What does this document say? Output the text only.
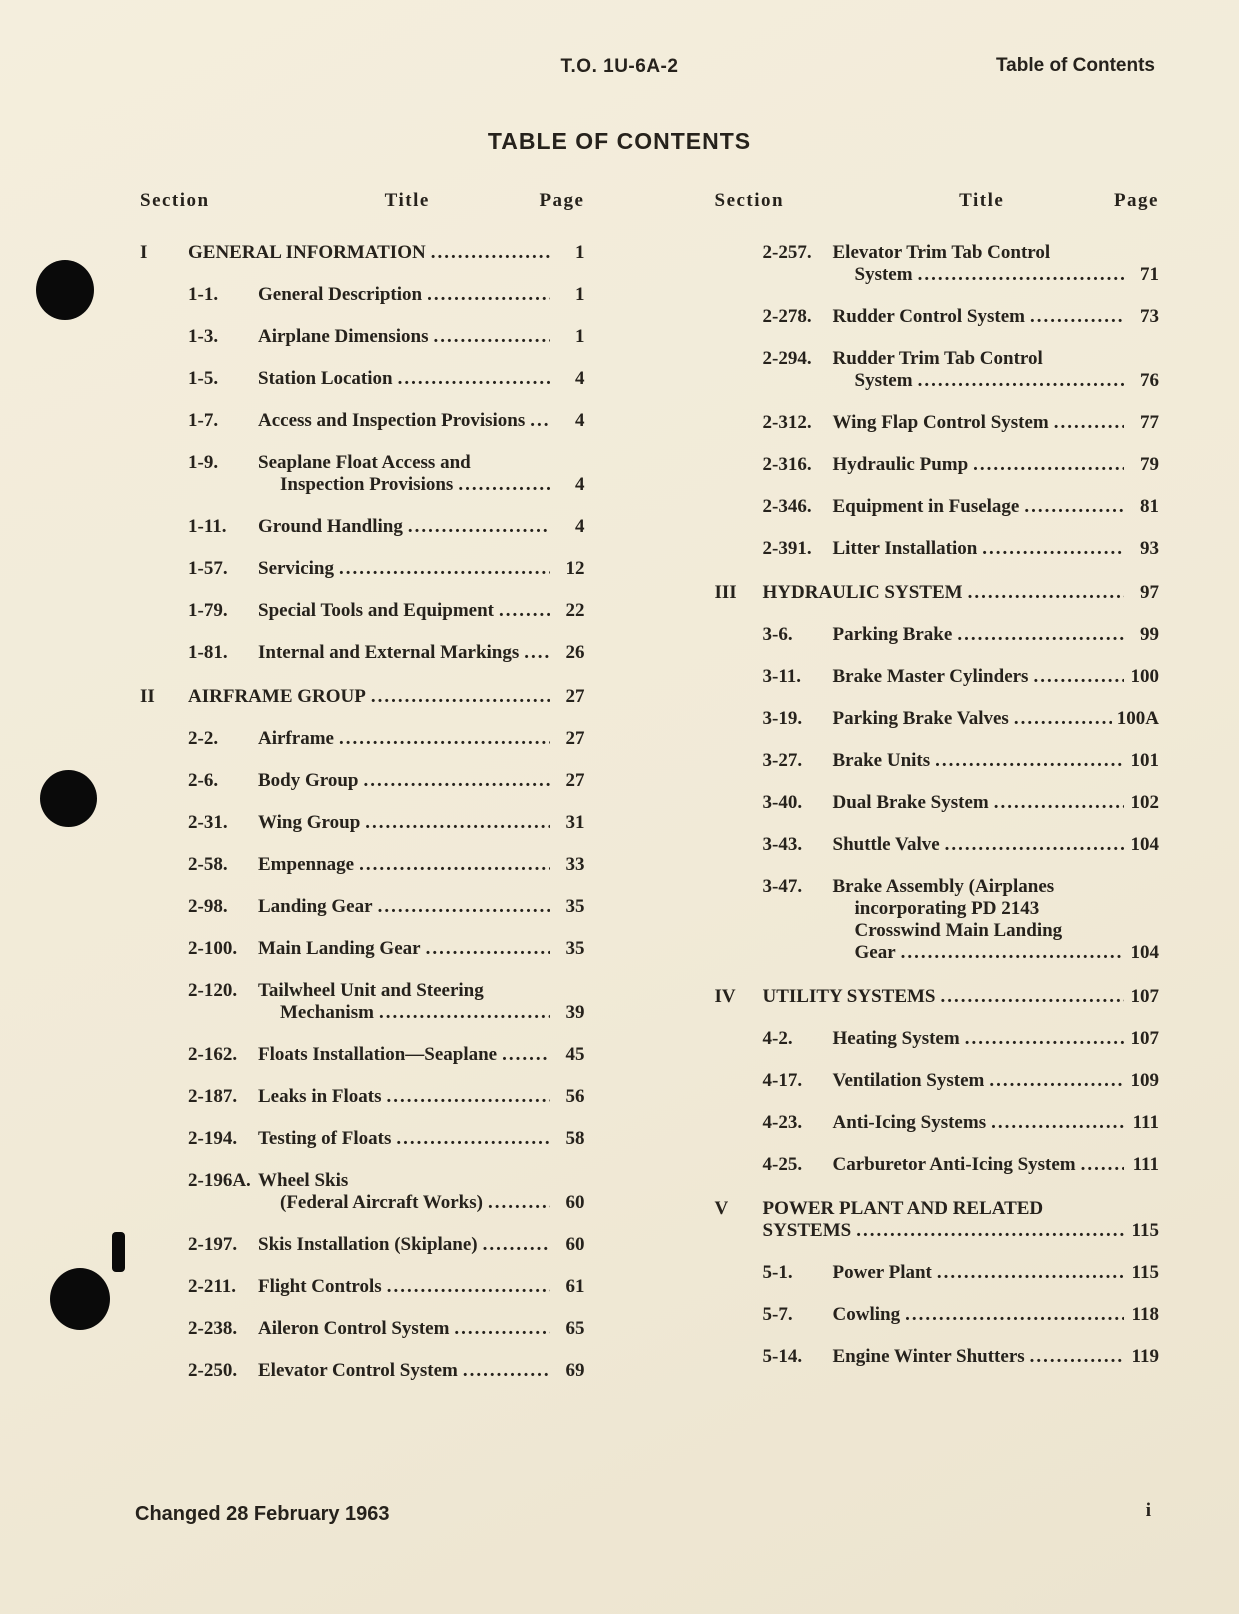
T.O. 1U-6A-2	Table of Contents
TABLE OF CONTENTS
Section	Title	Page
I	GENERAL INFORMATION .....	1
1-1.	General Description .....	1
1-3.	Airplane Dimensions .....	1
1-5.	Station Location .....	4
1-7.	Access and Inspection Provisions .....	4
1-9.	Seaplane Float Access and
Inspection Provisions .....	4
1-11.	Ground Handling .....	4
1-57.	Servicing .....	12
1-79.	Special Tools and Equipment .....	22
1-81.	Internal and External Markings .....	26
II	AIRFRAME GROUP .....	27
2-2.	Airframe .....	27
2-6.	Body Group .....	27
2-31.	Wing Group .....	31
2-58.	Empennage .....	33
2-98.	Landing Gear .....	35
2-100.	Main Landing Gear .....	35
2-120.	Tailwheel Unit and Steering
Mechanism .....	39
2-162.	Floats Installation—Seaplane .....	45
2-187.	Leaks in Floats .....	56
2-194.	Testing of Floats .....	58
2-196A. Wheel Skis
(Federal Aircraft Works) .....	60
2-197.	Skis Installation (Skiplane) .....	60
2-211.	Flight Controls .....	61
2-238.	Aileron Control System .....	65
2-250.	Elevator Control System .....	69
Section	Title	Page
2-257.	Elevator Trim Tab Control
System .....	71
2-278.	Rudder Control System .....	73
2-294.	Rudder Trim Tab Control
System .....	76
2-312.	Wing Flap Control System .....	77
2-316.	Hydraulic Pump .....	79
2-346.	Equipment in Fuselage .....	81
2-391.	Litter Installation .....	93
III	HYDRAULIC SYSTEM .....	97
3-6.	Parking Brake .....	99
3-11.	Brake Master Cylinders .....	100
3-19.	Parking Brake Valves .....	100A
3-27.	Brake Units .....	101
3-40.	Dual Brake System .....	102
3-43.	Shuttle Valve .....	104
3-47.	Brake Assembly (Airplanes
incorporating PD 2143
Crosswind Main Landing
Gear .....	104
IV	UTILITY SYSTEMS .....	107
4-2.	Heating System .....	107
4-17.	Ventilation System .....	109
4-23.	Anti-Icing Systems .....	111
4-25.	Carburetor Anti-Icing System .....	111
V	POWER PLANT AND RELATED
SYSTEMS .....	115
5-1.	Power Plant .....	115
5-7.	Cowling .....	118
5-14.	Engine Winter Shutters .....	119
Changed 28 February 1963	i
